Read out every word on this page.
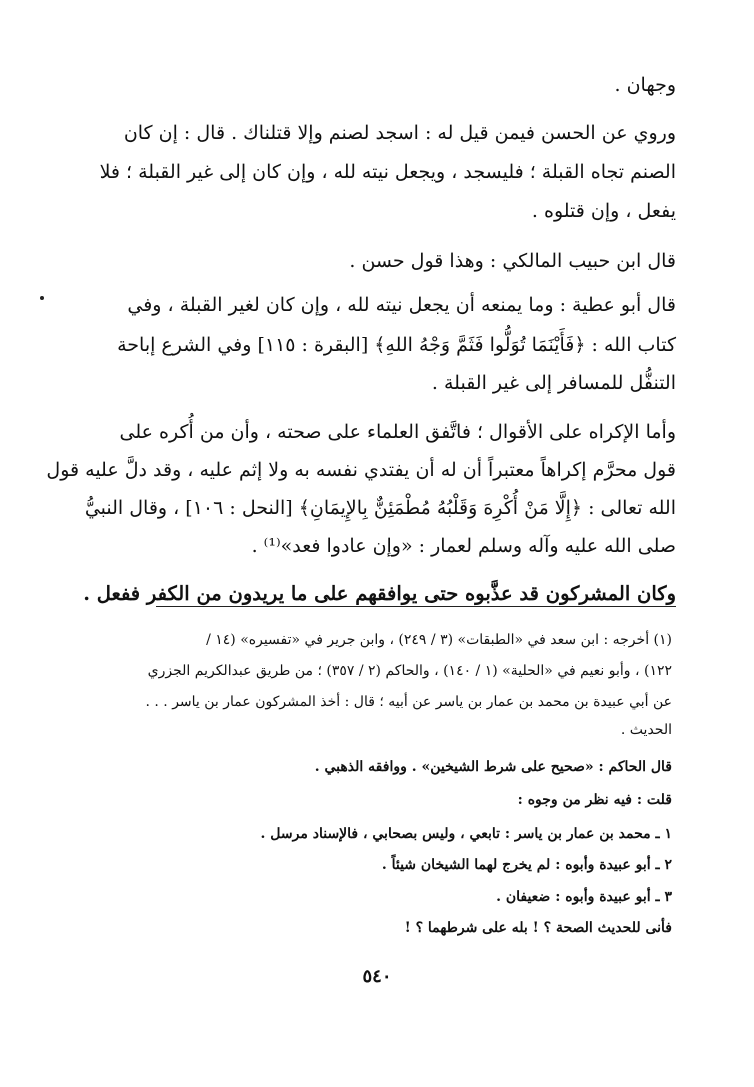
وجهان .
وروي عن الحسن فيمن قيل له : اسجد لصنم وإلا قتلناك . قال : إن كان
الصنم تجاه القبلة ؛ فليسجد ، ويجعل نيته لله ، وإن كان إلى غير القبلة ؛ فلا
يفعل ، وإن قتلوه .
قال ابن حبيب المالكي : وهذا قول حسن .
قال أبو عطية : وما يمنعه أن يجعل نيته لله ، وإن كان لغير القبلة ، وفي
كتاب الله : ﴿فَأَيْنَمَا تُوَلُّوا فَثَمَّ وَجْهُ اللهِ﴾ [البقرة : ١١٥] وفي الشرع إباحة
التنفُّل للمسافر إلى غير القبلة .
وأما الإكراه على الأقوال ؛ فاتَّفق العلماء على صحته ، وأن من أُكره على
قول محرَّم إكراهاً معتبراً أن له أن يفتدي نفسه به ولا إثم عليه ، وقد دلَّ عليه قول
الله تعالى : ﴿إِلَّا مَنْ أُكْرِهَ وَقَلْبُهُ مُطْمَئِنٌّ بِالإِيمَانِ﴾ [النحل : ١٠٦] ، وقال النبيُّ
صلى الله عليه وآله وسلم لعمار : «وإن عادوا فعد»⁽¹⁾ .
وكان المشركون قد عذَّبوه حتى يوافقهم على ما يريدون من الكفر ففعل .
(١) أخرجه : ابن سعد في «الطبقات» (٣ / ٢٤٩) ، وابن جرير في «تفسيره» (١٤ /
١٢٢) ، وأبو نعيم في «الحلية» (١ / ١٤٠) ، والحاكم (٢ / ٣٥٧) ؛ من طريق عبدالكريم الجزري
عن أبي عبيدة بن محمد بن عمار بن ياسر عن أبيه ؛ قال : أخذ المشركون عمار بن ياسر . . .
الحديث .
قال الحاكم : «صحيح على شرط الشيخين» . ووافقه الذهبي .
قلت : فيه نظر من وجوه :
١ ـ محمد بن عمار بن ياسر : تابعي ، وليس بصحابي ، فالإسناد مرسل .
٢ ـ أبو عبيدة وأبوه : لم يخرج لهما الشيخان شيئاً .
٣ ـ أبو عبيدة وأبوه : ضعيفان .
فأنى للحديث الصحة ؟ ! بله على شرطهما ؟ !
٥٤٠
